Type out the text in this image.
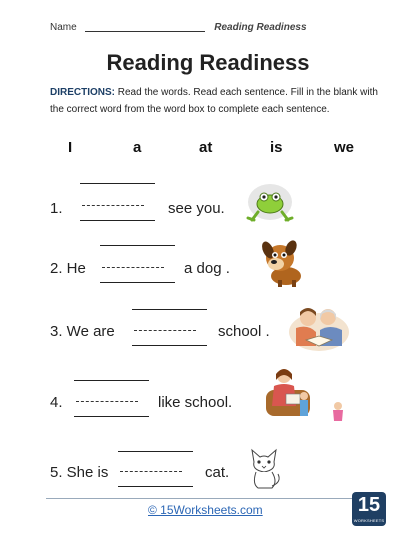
Name	Reading Readiness
Reading Readiness
DIRECTIONS: Read the words. Read each sentence. Fill in the blank with the correct word from the word box to complete each sentence.
I	a	at	is	we
1.	see you.
2. He	a dog .
3. We are	school .
4.	like school.
5. She is	cat.
© 15Worksheets.com	15
WORKSHEETS
